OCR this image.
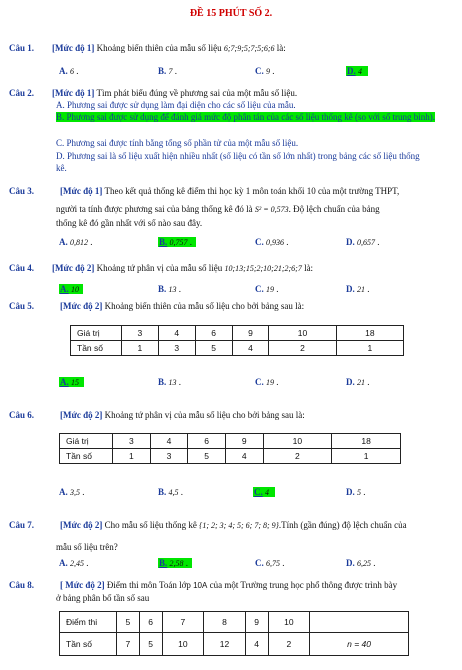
ĐỀ 15 PHÚT SỐ 2.
Câu 1. [Mức độ 1] Khoảng biến thiên của mẫu số liệu 6;7;9;5;7;5;6;6 là:
A. 6 .	B. 7 .	C. 9 .	D. 4
Câu 2. [Mức độ 1] Tìm phát biểu đúng về phương sai của một mẫu số liệu.
A. Phương sai được sử dụng làm đại diện cho các số liệu của mẫu.
B. Phương sai được sử dụng để đánh giá mức độ phân tán của các số liệu thống kê (so với số trung bình).
C. Phương sai được tính bằng tổng số phần tử của một mẫu số liệu.
D. Phương sai là số liệu xuất hiện nhiều nhất (số liệu có tần số lớn nhất) trong bảng các số liệu thống kê.
Câu 3.	[Mức độ 1] Theo kết quả thống kê điểm thi học kỳ 1 môn toán khối 10 của một trường THPT,
người ta tính được phương sai của bảng thống kê đó là S² = 0,573. Độ lệch chuẩn của bảng
thống kê đó gần nhất với số nào sau đây.
A. 0,812 .	B. 0,757 .	C. 0,936 .	D. 0,657 .
Câu 4. [Mức độ 2] Khoảng tứ phân vị của mẫu số liệu 10;13;15;2;10;21;2;6;7 là:
A. 10	B. 13 .	C. 19 .	D. 21 .
Câu 5.	[Mức độ 2] Khoảng biến thiên của mẫu số liệu cho bởi bảng sau là:
Giá trị	3	4	6	9	10	18
Tần số	1	3	5	4	2	1
A. 15	B. 13 .	C. 19 .	D. 21 .
Câu 6.	[Mức độ 2] Khoảng tứ phân vị của mẫu số liệu cho bởi bảng sau là:
Giá trị	3	4	6	9	10	18
Tần số	1	3	5	4	2	1
A. 3,5 .	B. 4,5 .	C. 4	D. 5 .
Câu 7.	[Mức độ 2] Cho mẫu số liệu thống kê {1; 2; 3; 4; 5; 6; 7; 8; 9}.Tính (gần đúng) độ lệch chuẩn của
mẫu số liệu trên?
A. 2,45 .	B. 2,58 .	C. 6,75 .	D. 6,25 .
Câu 8.	[ Mức độ 2] Điểm thi môn Toán lớp 10A của một Trường trung học phổ thông được trình bày
ở bảng phân bố tần số sau
Điểm thi	5	6	7	8	9	10	
Tần số	7	5	10	12	4	2	n = 40
